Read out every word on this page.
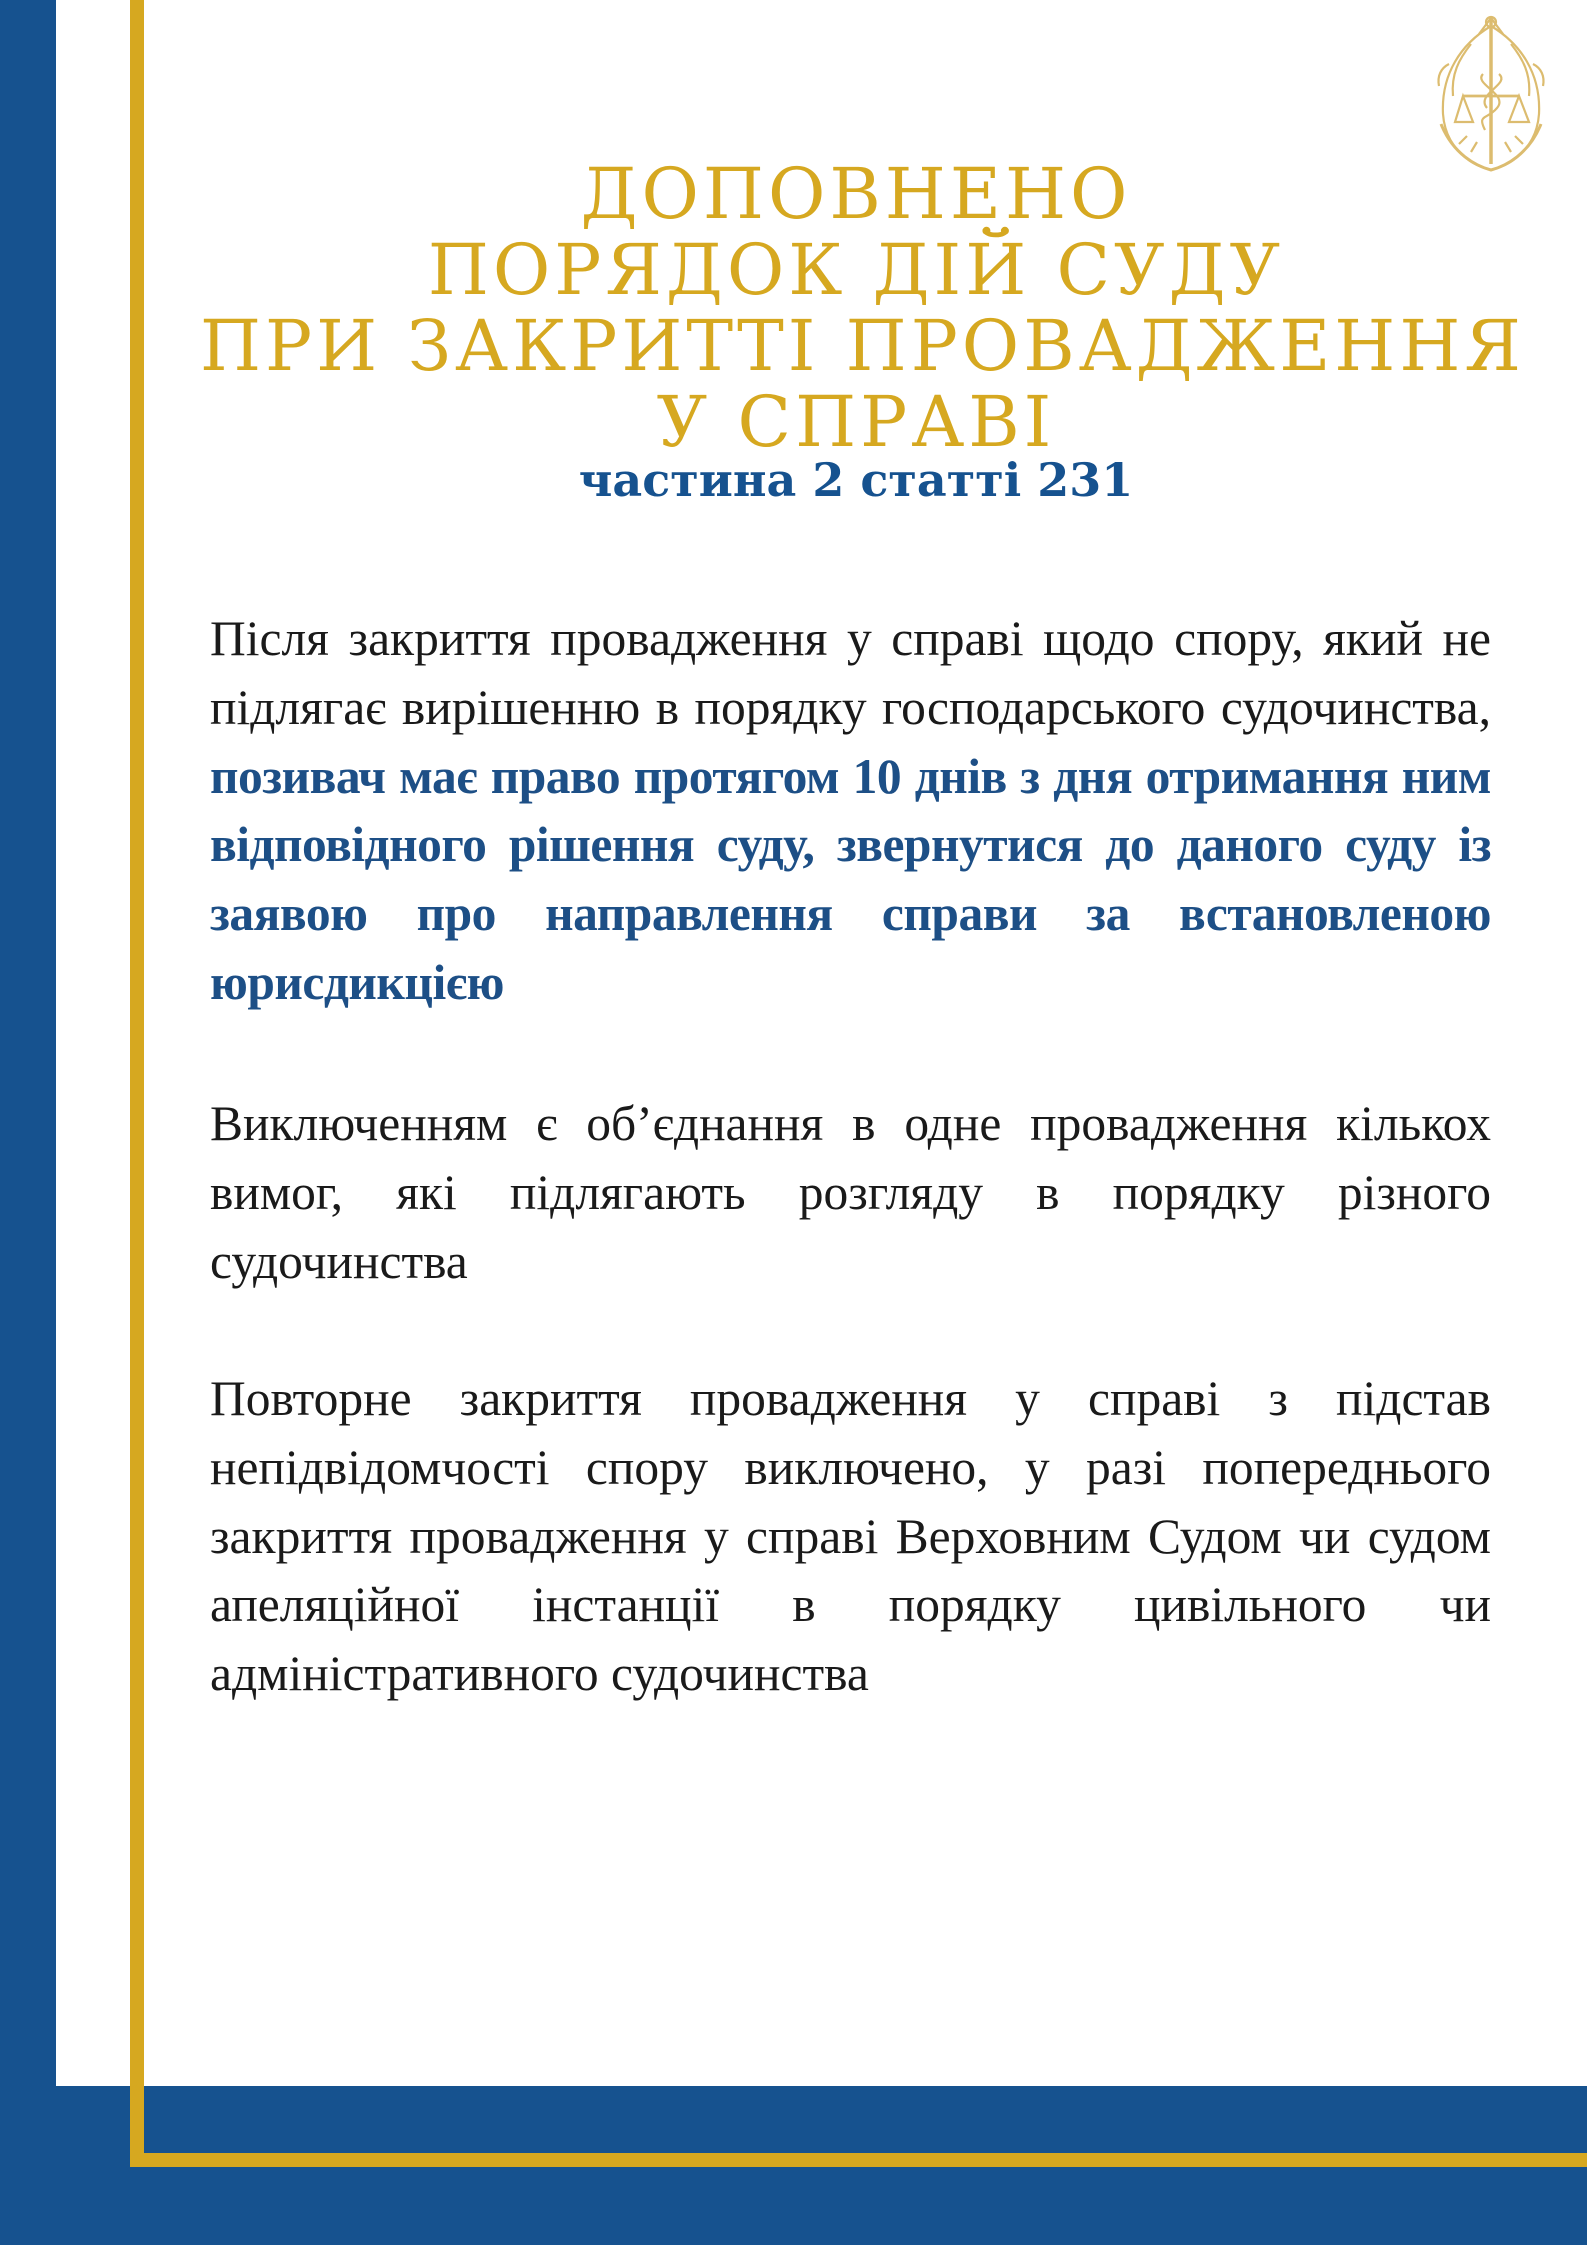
ДОПОВНЕНО
ПОРЯДОК ДІЙ СУДУ
ПРИ ЗАКРИТТІ ПРОВАДЖЕННЯ
У СПРАВІ
частина 2 статті 231
Після закриття провадження у справі щодо спору, який не підлягає вирішенню в порядку господарського судочинства, позивач має право протягом 10 днів з дня отримання ним відповідного рішення суду, звернутися до даного суду із заявою про направлення справи за встановленою юрисдикцією
Виключенням є об’єднання в одне провадження кількох вимог, які підлягають розгляду в порядку різного судочинства
Повторне закриття провадження у справі з підстав непідвідомчості спору виключено, у разі попереднього закриття провадження у справі Верховним Судом чи судом апеляційної інстанції в порядку цивільного чи адміністративного судочинства
